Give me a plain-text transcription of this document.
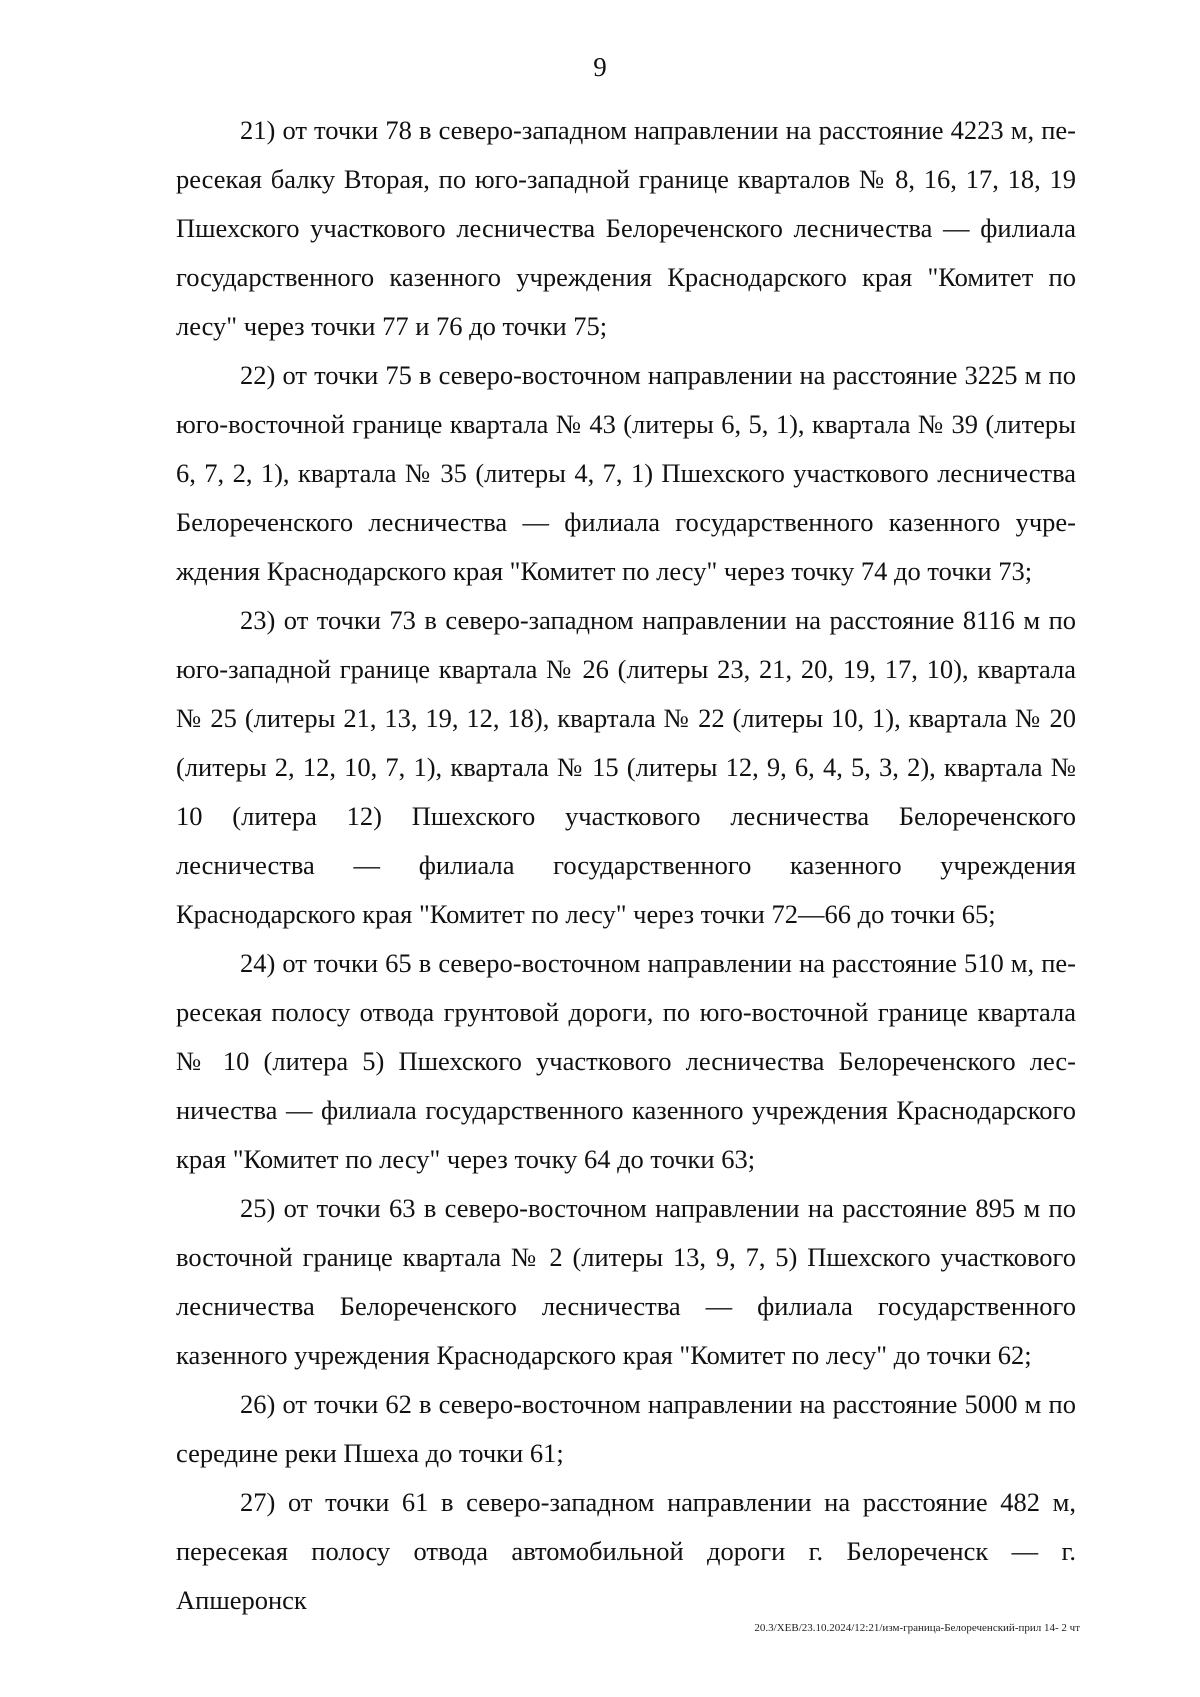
9

21) от точки 78 в северо-западном направлении на расстояние 4223 м, пересекая балку Вторая, по юго-западной границе кварталов № 8, 16, 17, 18, 19 Пшехского участкового лесничества Белореченского лесничества — филиала государственного казенного учреждения Краснодарского края "Комитет по лесу" через точки 77 и 76 до точки 75;

22) от точки 75 в северо-восточном направлении на расстояние 3225 м по юго-восточной границе квартала № 43 (литеры 6, 5, 1), квартала № 39 (литеры 6, 7, 2, 1), квартала № 35 (литеры 4, 7, 1) Пшехского участкового лесничества Белореченского лесничества — филиала государственного казенного учреждения Краснодарского края "Комитет по лесу" через точку 74 до точки 73;

23) от точки 73 в северо-западном направлении на расстояние 8116 м по юго-западной границе квартала № 26 (литеры 23, 21, 20, 19, 17, 10), квартала № 25 (литеры 21, 13, 19, 12, 18), квартала № 22 (литеры 10, 1), квартала № 20 (литеры 2, 12, 10, 7, 1), квартала № 15 (литеры 12, 9, 6, 4, 5, 3, 2), квартала № 10 (литера 12) Пшехского участкового лесничества Белореченского лесничества — филиала государственного казенного учреждения Краснодарского края "Комитет по лесу" через точки 72—66 до точки 65;

24) от точки 65 в северо-восточном направлении на расстояние 510 м, пересекая полосу отвода грунтовой дороги, по юго-восточной границе квартала № 10 (литера 5) Пшехского участкового лесничества Белореченского лесничества — филиала государственного казенного учреждения Краснодарского края "Комитет по лесу" через точку 64 до точки 63;

25) от точки 63 в северо-восточном направлении на расстояние 895 м по восточной границе квартала № 2 (литеры 13, 9, 7, 5) Пшехского участкового лесничества Белореченского лесничества — филиала государственного казенного учреждения Краснодарского края "Комитет по лесу" до точки 62;

26) от точки 62 в северо-восточном направлении на расстояние 5000 м по середине реки Пшеха до точки 61;

27) от точки 61 в северо-западном направлении на расстояние 482 м, пересекая полосу отвода автомобильной дороги г. Белореченск — г. Апшеронск

20.3/ХЕВ/23.10.2024/12:21/изм-граница-Белореченский-прил 14- 2 чт
